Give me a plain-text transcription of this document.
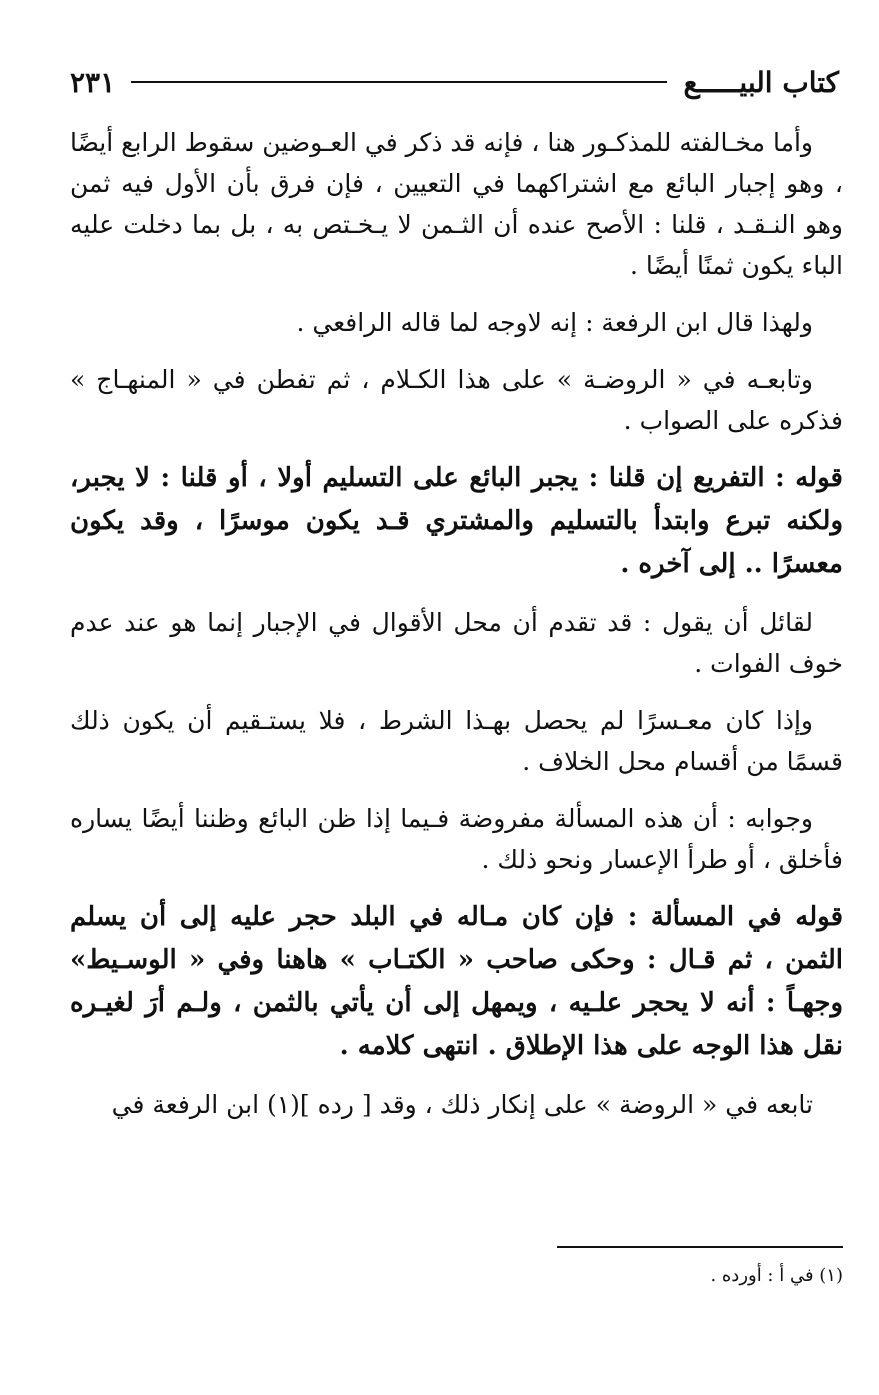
كتاب البيـــــع
٢٣١

وأما مخـالفته للمذكـور هنا ، فإنه قد ذكر في العـوضين سقوط الرابع أيضًا ، وهو إجبار البائع مع اشتراكهما في التعيين ، فإن فرق بأن الأول فيه ثمن وهو النـقـد ، قلنا : الأصح عنده أن الثـمن لا يـخـتص به ، بل بما دخلت عليه الباء يكون ثمنًا أيضًا .

ولهذا قال ابن الرفعة : إنه لاوجه لما قاله الرافعي .

وتابعـه في « الروضـة » على هذا الكـلام ، ثم تفطن في « المنهـاج » فذكره على الصواب .

قوله : التفريع إن قلنا : يجبر البائع على التسليم أولا ، أو قلنا : لا يجبر، ولكنه تبرع وابتدأ بالتسليم والمشتري قـد يكون موسرًا ، وقد يكون معسرًا .. إلى آخره .

لقائل أن يقول : قد تقدم أن محل الأقوال في الإجبار إنما هو عند عدم خوف الفوات .

وإذا كان معـسرًا لم يحصل بهـذا الشرط ، فلا يستـقيم أن يكون ذلك قسمًا من أقسام محل الخلاف .

وجوابه : أن هذه المسألة مفروضة فـيما إذا ظن البائع وظننا أيضًا يساره فأخلق ، أو طرأ الإعسار ونحو ذلك .

قوله في المسألة : فإن كان مـاله في البلد حجر عليه إلى أن يسلم الثمن ، ثم قـال : وحكى صاحب « الكتـاب » هاهنا وفي « الوسـيط» وجهـاً : أنه لا يحجر علـيه ، ويمهل إلى أن يأتي بالثمن ، ولـم أرَ لغيـره نقل هذا الوجه على هذا الإطلاق . انتهى كلامه .

تابعه في « الروضة » على إنكار ذلك ، وقد [ رده ](١) ابن الرفعة في

(١) في أ : أورده .
